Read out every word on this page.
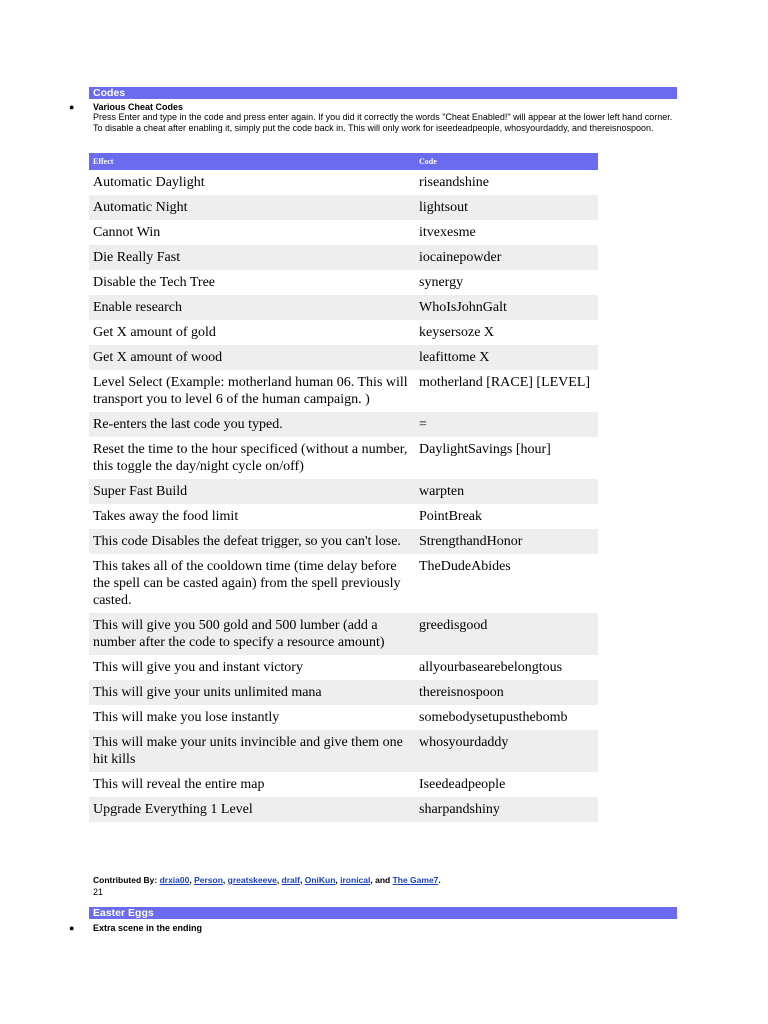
Codes
● Various Cheat Codes
Press Enter and type in the code and press enter again. If you did it correctly the words "Cheat Enabled!" will appear at the lower left hand corner. To disable a cheat after enabling it, simply put the code back in. This will only work for iseedeadpeople, whosyourdaddy, and thereisnospoon.
Effect	Code
Automatic Daylight	riseandshine
Automatic Night	lightsout
Cannot Win	itvexesme
Die Really Fast	iocainepowder
Disable the Tech Tree	synergy
Enable research	WhoIsJohnGalt
Get X amount of gold	keysersoze X
Get X amount of wood	leafittome X
Level Select (Example: motherland human 06. This will transport you to level 6 of the human campaign. )	motherland [RACE] [LEVEL]
Re-enters the last code you typed.	=
Reset the time to the hour specificed (without a number, this toggle the day/night cycle on/off)	DaylightSavings [hour]
Super Fast Build	warpten
Takes away the food limit	PointBreak
This code Disables the defeat trigger, so you can't lose.	StrengthandHonor
This takes all of the cooldown time (time delay before the spell can be casted again) from the spell previously casted.	TheDudeAbides
This will give you 500 gold and 500 lumber (add a number after the code to specify a resource amount)	greedisgood
This will give you and instant victory	allyourbasearebelongtous
This will give your units unlimited mana	thereisnospoon
This will make you lose instantly	somebodysetupusthebomb
This will make your units invincible and give them one hit kills	whosyourdaddy
This will reveal the entire map	Iseedeadpeople
Upgrade Everything 1 Level	sharpandshiny
Contributed By: drxia00, Person, greatskeeve, dralf, OniKun, ironical, and The Game7.
21
Easter Eggs
● Extra scene in the ending
